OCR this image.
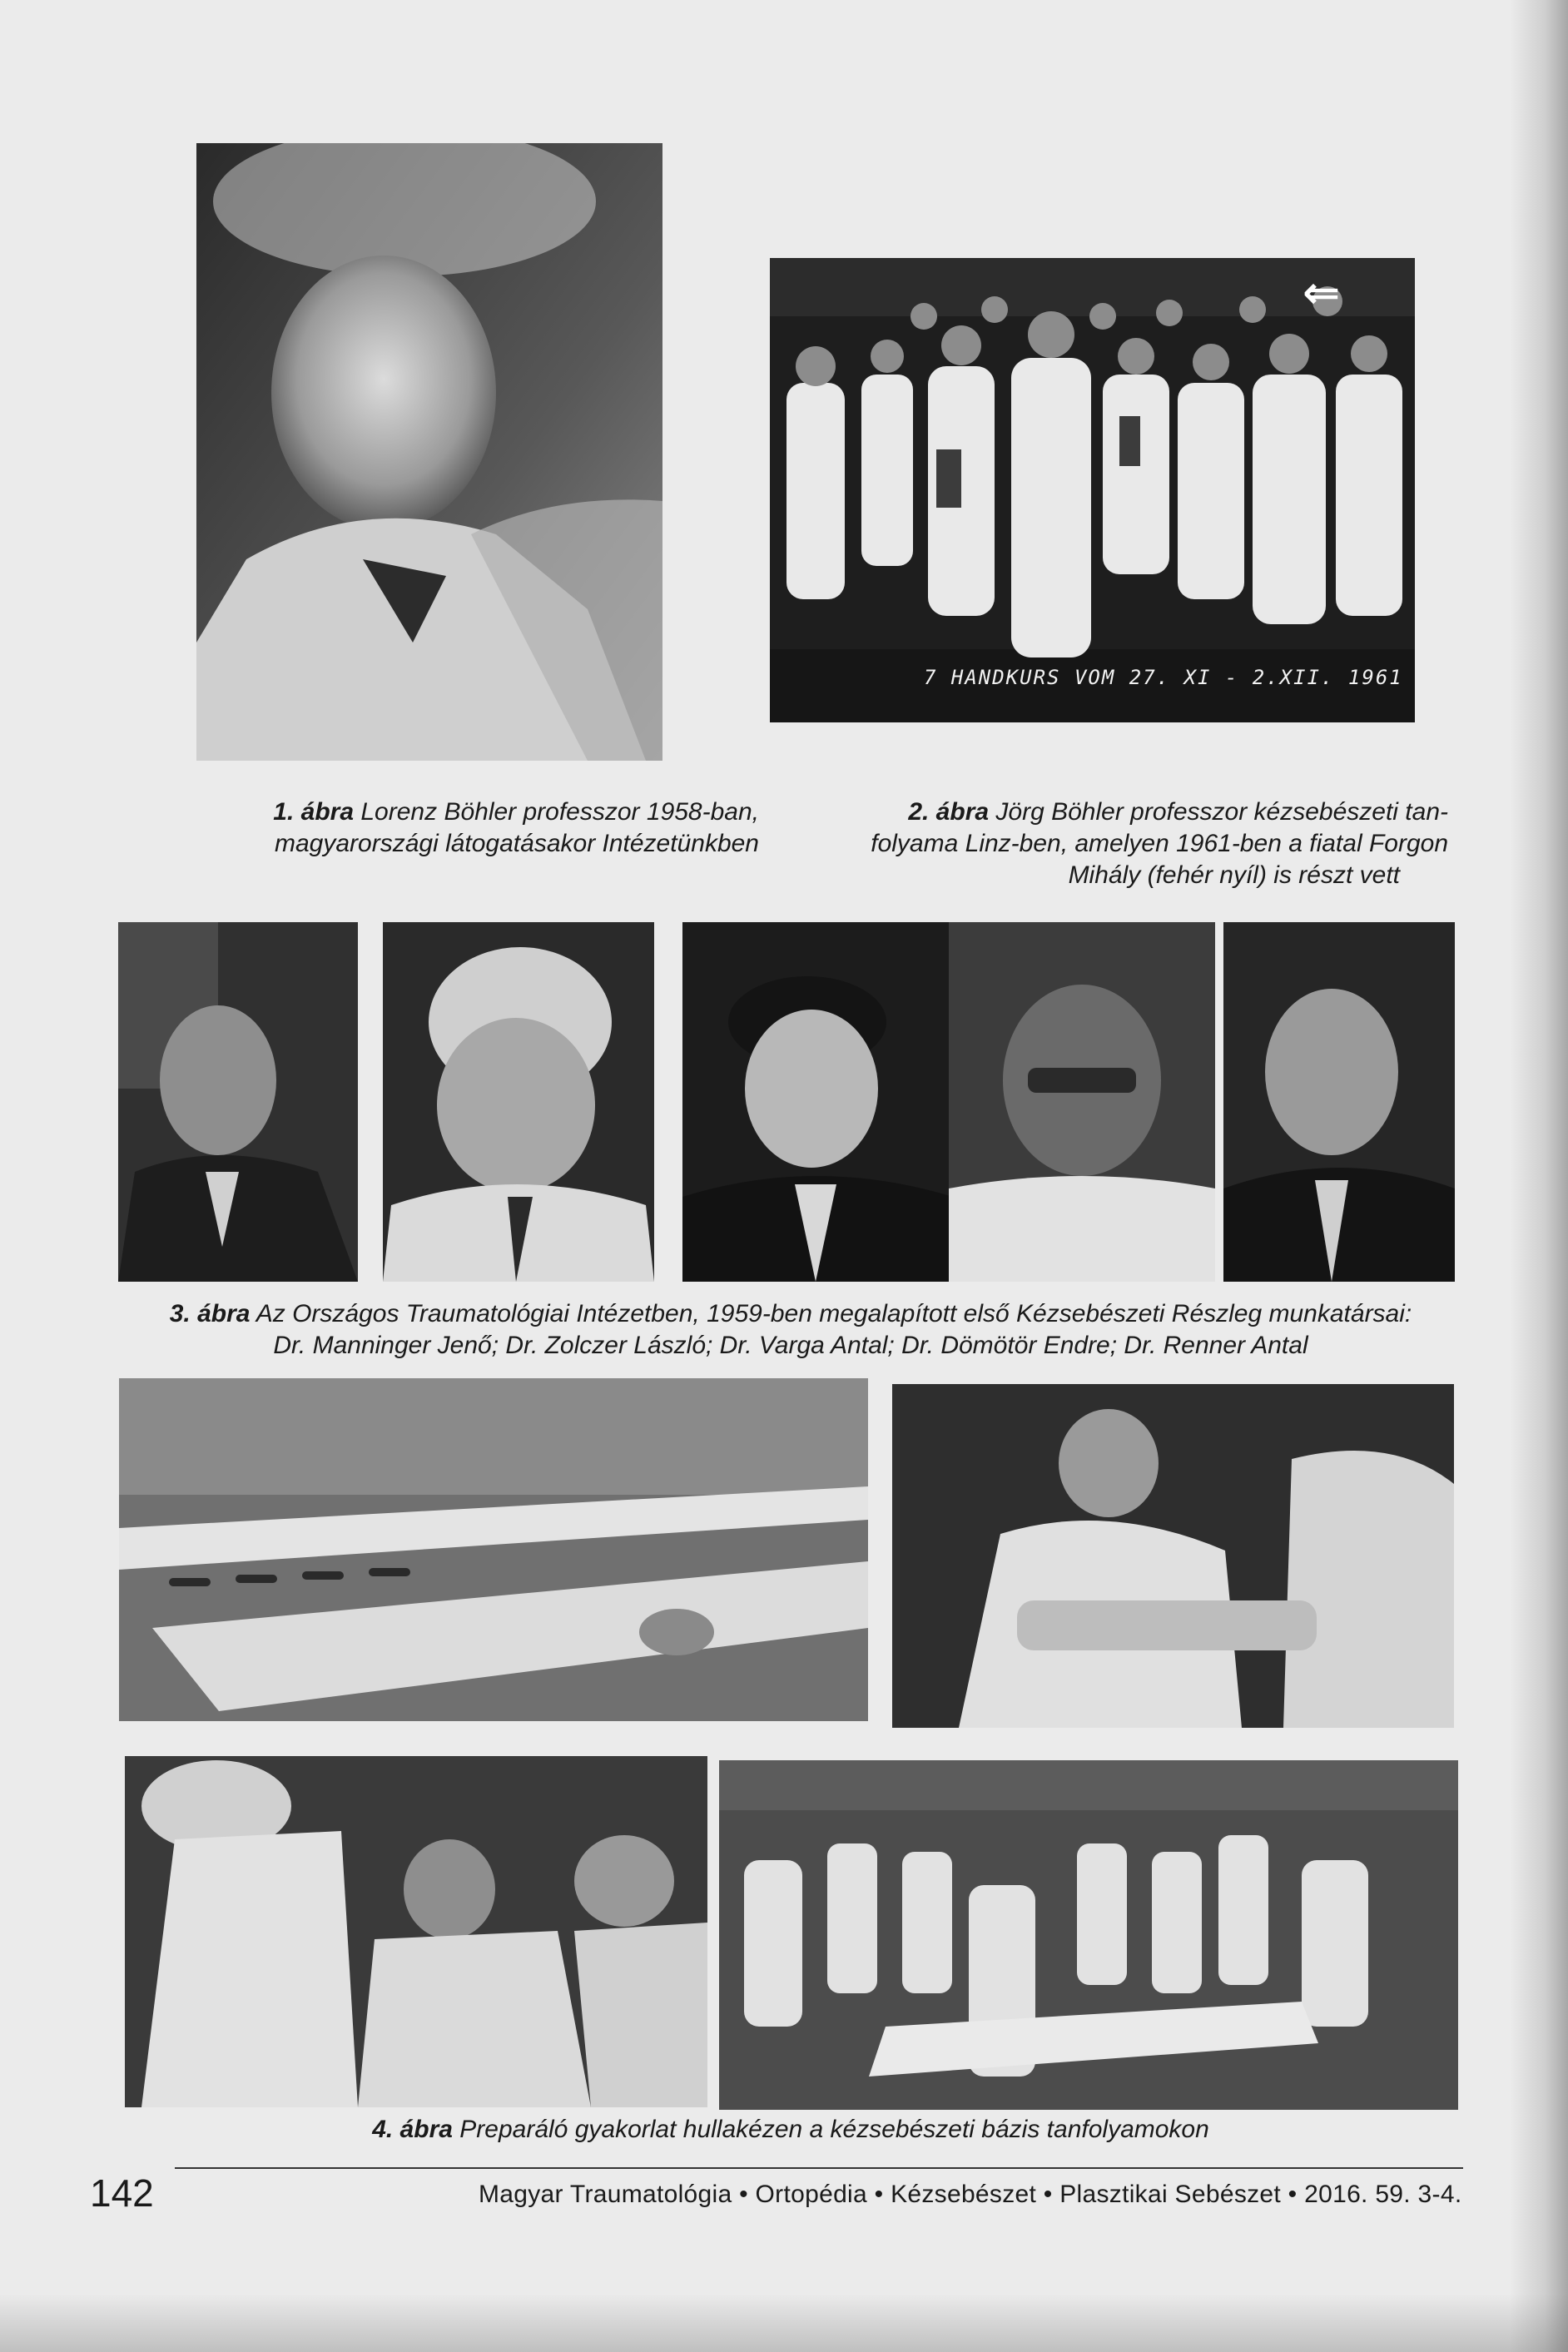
1. ábra Lorenz Böhler professzor 1958-ban,
magyarországi látogatásakor Intézetünkben
7 HANDKURS VOM 27. XI - 2.XII. 1961
⇐
2. ábra Jörg Böhler professzor kézsebészeti tan-
folyama Linz-ben, amelyen 1961-ben a fiatal Forgon
Mihály (fehér nyíl) is részt vett
3. ábra Az Országos Traumatológiai Intézetben, 1959-ben megalapított első Kézsebészeti Részleg munkatársai:
Dr. Manninger Jenő; Dr. Zolczer László; Dr. Varga Antal; Dr. Dömötör Endre; Dr. Renner Antal
4. ábra Preparáló gyakorlat hullakézen a kézsebészeti bázis tanfolyamokon
142	Magyar Traumatológia • Ortopédia • Kézsebészet • Plasztikai Sebészet • 2016. 59. 3-4.
